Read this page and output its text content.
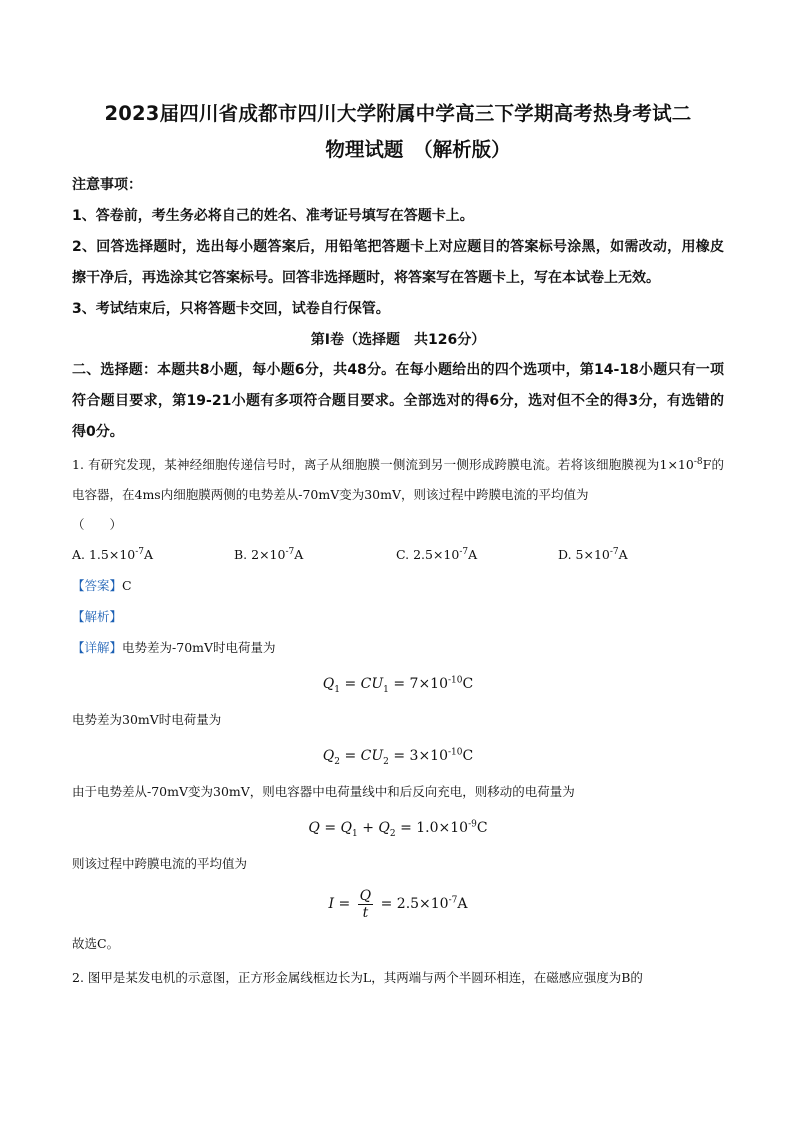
2023届四川省成都市四川大学附属中学高三下学期高考热身考试二
物理试题　（解析版）
注意事项：
1、答卷前，考生务必将自己的姓名、准考证号填写在答题卡上。
2、回答选择题时，选出每小题答案后，用铅笔把答题卡上对应题目的答案标号涂黑，如需改动，用橡皮擦干净后，再选涂其它答案标号。回答非选择题时，将答案写在答题卡上，写在本试卷上无效。
3、考试结束后，只将答题卡交回，试卷自行保管。
第Ⅰ卷（选择题　共126分）
二、选择题：本题共8小题，每小题6分，共48分。在每小题给出的四个选项中，第14-18小题只有一项符合题目要求，第19-21小题有多项符合题目要求。全部选对的得6分，选对但不全的得3分，有选错的得0分。
1. 有研究发现，某神经细胞传递信号时，离子从细胞膜一侧流到另一侧形成跨膜电流。若将该细胞膜视为$1\times 10^{-8}F$的电容器，在4ms内细胞膜两侧的电势差从-70mV变为30mV，则该过程中跨膜电流的平均值为
（　　）
A. $1.5\times 10^{-7}A$	B. $2\times 10^{-7}A$	C. $2.5\times 10^{-7}A$	D. $5\times 10^{-7}A$
【答案】C
【解析】
【详解】电势差为-70mV时电荷量为
$Q_1 = CU_1 = 7\times 10^{-10}C$
电势差为30mV时电荷量为
$Q_2 = CU_2 = 3\times 10^{-10}C$
由于电势差从-70mV变为30mV，则电容器中电荷量线中和后反向充电，则移动的电荷量为
$Q = Q_1 + Q_2 = 1.0\times 10^{-9}C$
则该过程中跨膜电流的平均值为
$I = \frac{Q}{t} = 2.5\times 10^{-7}A$
故选C。
2. 图甲是某发电机的示意图，正方形金属线框边长为L，其两端与两个半圆环相连，在磁感应强度为B的
